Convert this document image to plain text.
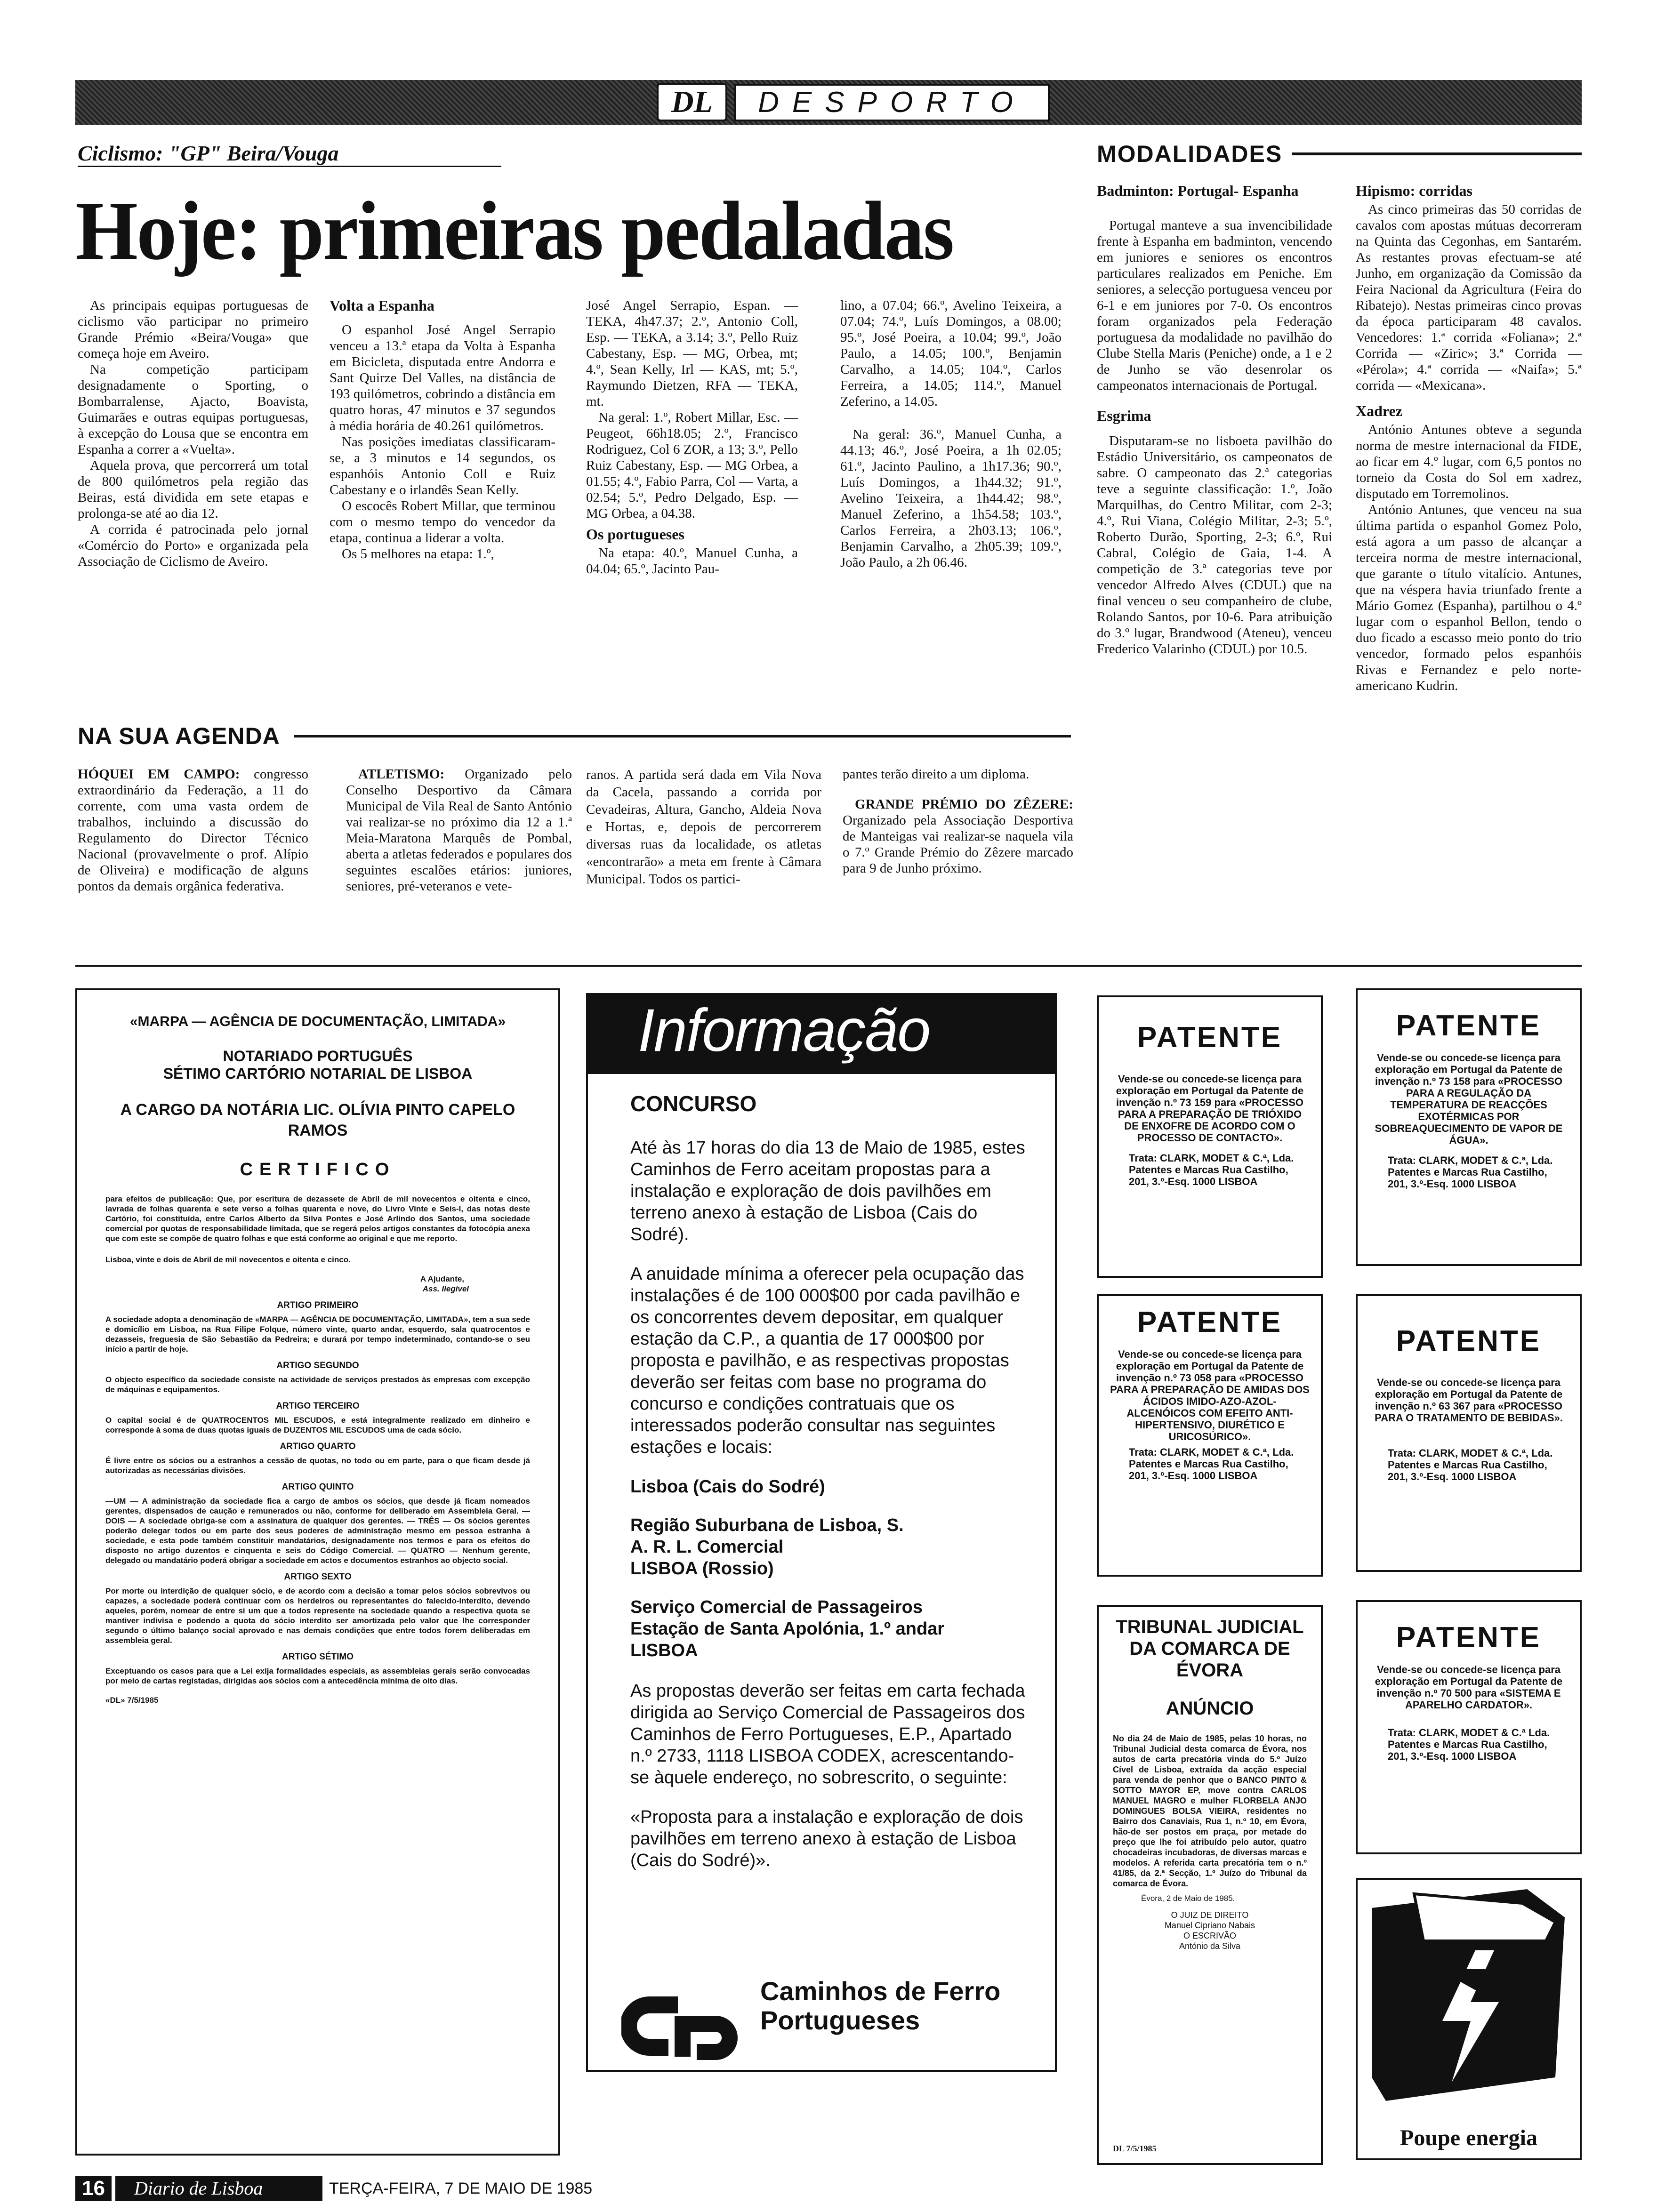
DL	DESPORTO
Ciclismo: "GP" Beira/Vouga
Hoje: primeiras pedaladas

As principais equipas portuguesas de ciclismo vão participar no primeiro Grande Prémio «Beira/Vouga» que começa hoje em Aveiro.

Na competição participam designadamente o Sporting, o Bombarralense, Ajacto, Boavista, Guimarães e outras equipas portuguesas, à excepção do Lousa que se encontra em Espanha a correr a «Vuelta».

Aquela prova, que percorrerá um total de 800 quilómetros pela região das Beiras, está dividida em sete etapas e prolonga-se até ao dia 12.

A corrida é patrocinada pelo jornal «Comércio do Porto» e organizada pela Associação de Ciclismo de Aveiro.

Volta a Espanha

O espanhol José Angel Serrapio venceu a 13.ª etapa da Volta à Espanha em Bicicleta, disputada entre Andorra e Sant Quirze Del Valles, na distância de 193 quilómetros, cobrindo a distância em quatro horas, 47 minutos e 37 segundos à média horária de 40.261 quilómetros.

Nas posições imediatas classificaram-se, a 3 minutos e 14 segundos, os espanhóis Antonio Coll e Ruiz Cabestany e o irlandês Sean Kelly.

O escocês Robert Millar, que terminou com o mesmo tempo do vencedor da etapa, continua a liderar a volta.

Os 5 melhores na etapa: 1.º,

José Angel Serrapio, Espan. — TEKA, 4h47.37; 2.º, Antonio Coll, Esp. — TEKA, a 3.14; 3.º, Pello Ruiz Cabestany, Esp. — MG, Orbea, mt; 4.º, Sean Kelly, Irl — KAS, mt; 5.º, Raymundo Dietzen, RFA — TEKA, mt.

Na geral: 1.º, Robert Millar, Esc. — Peugeot, 66h18.05; 2.º, Francisco Rodriguez, Col 6 ZOR, a 13; 3.º, Pello Ruiz Cabestany, Esp. — MG Orbea, a 01.55; 4.º, Fabio Parra, Col — Varta, a 02.54; 5.º, Pedro Delgado, Esp. — MG Orbea, a 04.38.

Os portugueses

Na etapa: 40.º, Manuel Cunha, a 04.04; 65.º, Jacinto Pau-

lino, a 07.04; 66.º, Avelino Teixeira, a 07.04; 74.º, Luís Domingos, a 08.00; 95.º, José Poeira, a 10.04; 99.º, João Paulo, a 14.05; 100.º, Benjamin Carvalho, a 14.05; 104.º, Carlos Ferreira, a 14.05; 114.º, Manuel Zeferino, a 14.05.

Na geral: 36.º, Manuel Cunha, a 44.13; 46.º, José Poeira, a 1h 02.05; 61.º, Jacinto Paulino, a 1h17.36; 90.º, Luís Domingos, a 1h44.32; 91.º, Avelino Teixeira, a 1h44.42; 98.º, Manuel Zeferino, a 1h54.58; 103.º, Carlos Ferreira, a 2h03.13; 106.º, Benjamin Carvalho, a 2h05.39; 109.º, João Paulo, a 2h 06.46.

MODALIDADES
Badminton: Portugal- Espanha

Portugal manteve a sua invencibilidade frente à Espanha em badminton, vencendo em juniores e seniores os encontros particulares realizados em Peniche. Em seniores, a selecção portuguesa venceu por 6-1 e em juniores por 7-0. Os encontros foram organizados pela Federação portuguesa da modalidade no pavilhão do Clube Stella Maris (Peniche) onde, a 1 e 2 de Junho se vão desenrolar os campeonatos internacionais de Portugal.

Esgrima

Disputaram-se no lisboeta pavilhão do Estádio Universitário, os campeonatos de sabre. O campeonato das 2.ª categorias teve a seguinte classificação: 1.º, João Marquilhas, do Centro Militar, com 2-3; 4.º, Rui Viana, Colégio Militar, 2-3; 5.º, Roberto Durão, Sporting, 2-3; 6.º, Rui Cabral, Colégio de Gaia, 1-4. A competição de 3.ª categorias teve por vencedor Alfredo Alves (CDUL) que na final venceu o seu companheiro de clube, Rolando Santos, por 10-6. Para atribuição do 3.º lugar, Brandwood (Ateneu), venceu Frederico Valarinho (CDUL) por 10.5.

Hipismo: corridas

As cinco primeiras das 50 corridas de cavalos com apostas mútuas decorreram na Quinta das Cegonhas, em Santarém. As restantes provas efectuam-se até Junho, em organização da Comissão da Feira Nacional da Agricultura (Feira do Ribatejo). Nestas primeiras cinco provas da época participaram 48 cavalos. Vencedores: 1.ª corrida «Foliana»; 2.ª Corrida — «Ziric»; 3.ª Corrida — «Pérola»; 4.ª corrida — «Naifa»; 5.ª corrida — «Mexicana».

Xadrez

António Antunes obteve a segunda norma de mestre internacional da FIDE, ao ficar em 4.º lugar, com 6,5 pontos no torneio da Costa do Sol em xadrez, disputado em Torremolinos.

António Antunes, que venceu na sua última partida o espanhol Gomez Polo, está agora a um passo de alcançar a terceira norma de mestre internacional, que garante o título vitalício. Antunes, que na véspera havia triunfado frente a Mário Gomez (Espanha), partilhou o 4.º lugar com o espanhol Bellon, tendo o duo ficado a escasso meio ponto do trio vencedor, formado pelos espanhóis Rivas e Fernandez e pelo norte-americano Kudrin.

NA SUA AGENDA

HÓQUEI EM CAMPO: congresso extraordinário da Federação, a 11 do corrente, com uma vasta ordem de trabalhos, incluindo a discussão do Regulamento do Director Técnico Nacional (provavelmente o prof. Alípio de Oliveira) e modificação de alguns pontos da demais orgânica federativa.

ATLETISMO: Organizado pelo Conselho Desportivo da Câmara Municipal de Vila Real de Santo António vai realizar-se no próximo dia 12 a 1.ª Meia-Maratona Marquês de Pombal, aberta a atletas federados e populares dos seguintes escalões etários: juniores, seniores, pré-veteranos e vete-

ranos. A partida será dada em Vila Nova da Cacela, passando a corrida por Cevadeiras, Altura, Gancho, Aldeia Nova e Hortas, e, depois de percorrerem diversas ruas da localidade, os atletas «encontrarão» a meta em frente à Câmara Municipal. Todos os partici-

pantes terão direito a um diploma.

GRANDE PRÉMIO DO ZÊZERE: Organizado pela Associação Desportiva de Manteigas vai realizar-se naquela vila o 7.º Grande Prémio do Zêzere marcado para 9 de Junho próximo.

«MARPA — AGÊNCIA DE DOCUMENTAÇÃO, LIMITADA»
NOTARIADO PORTUGUÊS
SÉTIMO CARTÓRIO NOTARIAL DE LISBOA
A CARGO DA NOTÁRIA LIC. OLÍVIA PINTO CAPELO RAMOS
CERTIFICO
para efeitos de publicação: Que, por escritura de dezassete de Abril de mil novecentos e oitenta e cinco, lavrada de folhas quarenta e sete verso a folhas quarenta e nove, do Livro Vinte e Seis-I, das notas deste Cartório, foi constituída, entre Carlos Alberto da Silva Pontes e José Arlindo dos Santos, uma sociedade comercial por quotas de responsabilidade limitada, que se regerá pelos artigos constantes da fotocópia anexa que com este se compõe de quatro folhas e que está conforme ao original e que me reporto.
Lisboa, vinte e dois de Abril de mil novecentos e oitenta e cinco.
A Ajudante,
Ass. Ilegível
ARTIGO PRIMEIRO
A sociedade adopta a denominação de «MARPA — AGÊNCIA DE DOCUMENTAÇÃO, LIMITADA», tem a sua sede e domicílio em Lisboa, na Rua Filipe Folque, número vinte, quarto andar, esquerdo, sala quatrocentos e dezasseis, freguesia de São Sebastião da Pedreira; e durará por tempo indeterminado, contando-se o seu início a partir de hoje.
ARTIGO SEGUNDO
O objecto específico da sociedade consiste na actividade de serviços prestados às empresas com excepção de máquinas e equipamentos.
ARTIGO TERCEIRO
O capital social é de QUATROCENTOS MIL ESCUDOS, e está integralmente realizado em dinheiro e corresponde à soma de duas quotas iguais de DUZENTOS MIL ESCUDOS uma de cada sócio.
ARTIGO QUARTO
É livre entre os sócios ou a estranhos a cessão de quotas, no todo ou em parte, para o que ficam desde já autorizadas as necessárias divisões.
ARTIGO QUINTO
—UM — A administração da sociedade fica a cargo de ambos os sócios, que desde já ficam nomeados gerentes, dispensados de caução e remunerados ou não, conforme for deliberado em Assembleia Geral. — DOIS — A sociedade obriga-se com a assinatura de qualquer dos gerentes. — TRÊS — Os sócios gerentes poderão delegar todos ou em parte dos seus poderes de administração mesmo em pessoa estranha à sociedade, e esta pode também constituir mandatários, designadamente nos termos e para os efeitos do disposto no artigo duzentos e cinquenta e seis do Código Comercial. — QUATRO — Nenhum gerente, delegado ou mandatário poderá obrigar a sociedade em actos e documentos estranhos ao objecto social.
ARTIGO SEXTO
Por morte ou interdição de qualquer sócio, e de acordo com a decisão a tomar pelos sócios sobrevivos ou capazes, a sociedade poderá continuar com os herdeiros ou representantes do falecido-interdito, devendo aqueles, porém, nomear de entre si um que a todos represente na sociedade quando a respectiva quota se mantiver indivisa e podendo a quota do sócio interdito ser amortizada pelo valor que lhe corresponder segundo o último balanço social aprovado e nas demais condições que entre todos forem deliberadas em assembleia geral.
ARTIGO SÉTIMO
Exceptuando os casos para que a Lei exija formalidades especiais, as assembleias gerais serão convocadas por meio de cartas registadas, dirigidas aos sócios com a antecedência mínima de oito dias.
«DL» 7/5/1985
Informação
CONCURSO

Até às 17 horas do dia 13 de Maio de 1985, estes Caminhos de Ferro aceitam propostas para a instalação e exploração de dois pavilhões em terreno anexo à estação de Lisboa (Cais do Sodré).

A anuidade mínima a oferecer pela ocupação das instalações é de 100 000$00 por cada pavilhão e os concorrentes devem depositar, em qualquer estação da C.P., a quantia de 17 000$00 por proposta e pavilhão, e as respectivas propostas deverão ser feitas com base no programa do concurso e condições contratuais que os interessados poderão consultar nas seguintes estações e locais:

Lisboa (Cais do Sodré)
Região Suburbana de Lisboa, S. A. R. L. Comercial
LISBOA (Rossio)
Serviço Comercial de Passageiros Estação de Santa Apolónia, 1.º andar LISBOA

As propostas deverão ser feitas em carta fechada dirigida ao Serviço Comercial de Passageiros dos Caminhos de Ferro Portugueses, E.P., Apartado n.º 2733, 1118 LISBOA CODEX, acrescentando-se àquele endereço, no sobrescrito, o seguinte:

«Proposta para a instalação e exploração de dois pavilhões em terreno anexo à estação de Lisboa (Cais do Sodré)».

Caminhos de Ferro
Portugueses
PATENTE
Vende-se ou concede-se licença para exploração em Portugal da Patente de invenção n.º 73 159 para «PROCESSO PARA A PREPARAÇÃO DE TRIÓXIDO DE ENXOFRE DE ACORDO COM O PROCESSO DE CONTACTO».
Trata: CLARK, MODET & C.ª, Lda. Patentes e Marcas Rua Castilho, 201, 3.º-Esq. 1000 LISBOA
PATENTE
Vende-se ou concede-se licença para exploração em Portugal da Patente de invenção n.º 73 158 para «PROCESSO PARA A REGULAÇÃO DA TEMPERATURA DE REACÇÕES EXOTÉRMICAS POR SOBREAQUECIMENTO DE VAPOR DE ÁGUA».
Trata: CLARK, MODET & C.ª, Lda. Patentes e Marcas Rua Castilho, 201, 3.º-Esq. 1000 LISBOA
PATENTE
Vende-se ou concede-se licença para exploração em Portugal da Patente de invenção n.º 73 058 para «PROCESSO PARA A PREPARAÇÃO DE AMIDAS DOS ÁCIDOS IMIDO-AZO-AZOL-ALCENÓICOS COM EFEITO ANTI-HIPERTENSIVO, DIURÉTICO E URICOSÚRICO».
Trata: CLARK, MODET & C.ª, Lda. Patentes e Marcas Rua Castilho, 201, 3.º-Esq. 1000 LISBOA
PATENTE
Vende-se ou concede-se licença para exploração em Portugal da Patente de invenção n.º 63 367 para «PROCESSO PARA O TRATAMENTO DE BEBIDAS».
Trata: CLARK, MODET & C.ª, Lda. Patentes e Marcas Rua Castilho, 201, 3.º-Esq. 1000 LISBOA
TRIBUNAL JUDICIAL DA COMARCA DE ÉVORA
ANÚNCIO
No dia 24 de Maio de 1985, pelas 10 horas, no Tribunal Judicial desta comarca de Évora, nos autos de carta precatória vinda do 5.º Juízo Cível de Lisboa, extraída da acção especial para venda de penhor que o BANCO PINTO & SOTTO MAYOR EP, move contra CARLOS MANUEL MAGRO e mulher FLORBELA ANJO DOMINGUES BOLSA VIEIRA, residentes no Bairro dos Canaviais, Rua 1, n.º 10, em Évora, hão-de ser postos em praça, por metade do preço que lhe foi atribuído pelo autor, quatro chocadeiras incubadoras, de diversas marcas e modelos. A referida carta precatória tem o n.º 41/85, da 2.ª Secção, 1.º Juízo do Tribunal da comarca de Évora.
Évora, 2 de Maio de 1985.
O JUIZ DE DIREITO
Manuel Cipriano Nabais
O ESCRIVÃO
António da Silva
DL 7/5/1985
PATENTE
Vende-se ou concede-se licença para exploração em Portugal da Patente de invenção n.º 70 500 para «SISTEMA E APARELHO CARDATOR».
Trata: CLARK, MODET & C.ª Lda. Patentes e Marcas Rua Castilho, 201, 3.º-Esq. 1000 LISBOA
Poupe energia
16	Diario de Lisboa	TERÇA-FEIRA, 7 DE MAIO DE 1985
